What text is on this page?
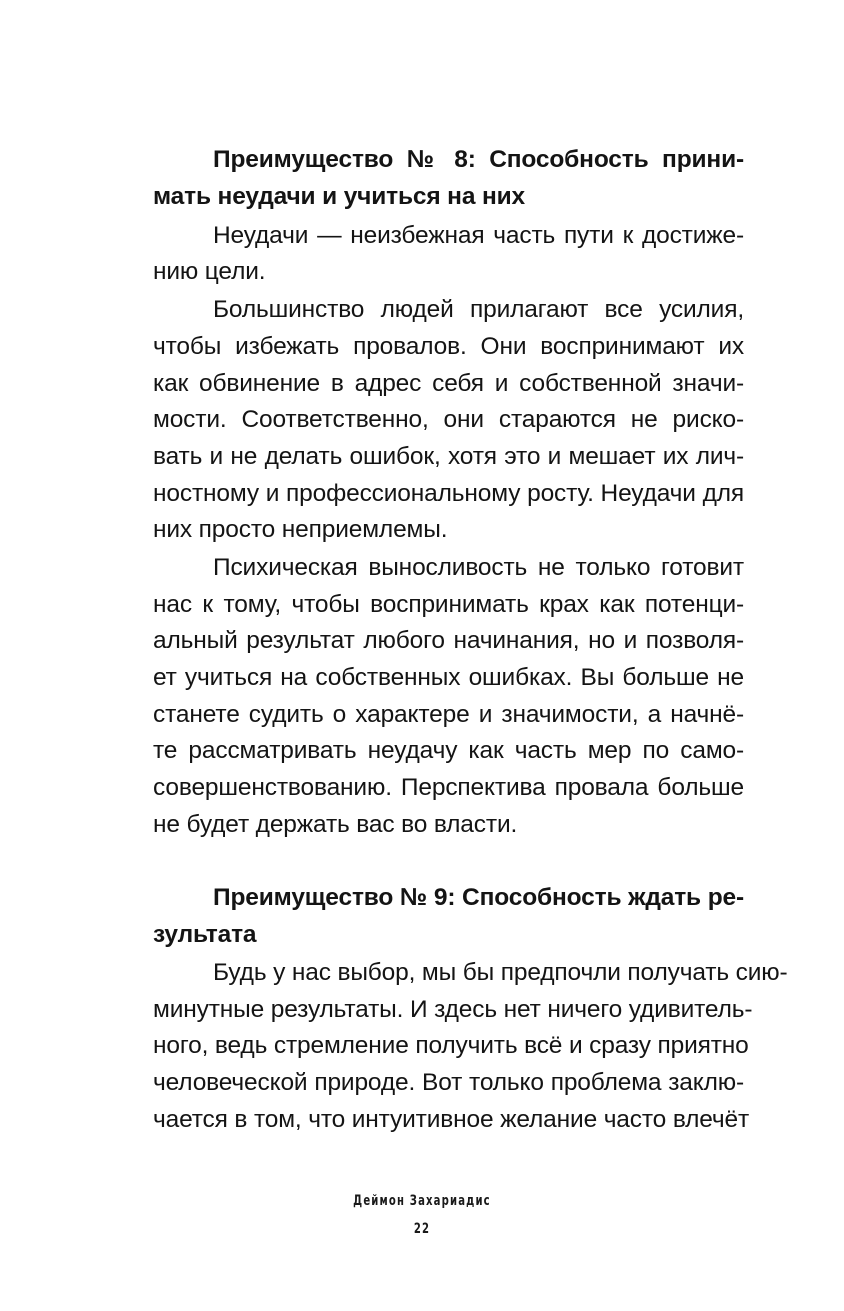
Преимущество № 8: Способность прини-
мать неудачи и учиться на них
Неудачи — неизбежная часть пути к достиже-
нию цели.
Большинство людей прилагают все усилия,
чтобы избежать провалов. Они воспринимают их
как обвинение в адрес себя и собственной значи-
мости. Соответственно, они стараются не риско-
вать и не делать ошибок, хотя это и мешает их лич-
ностному и профессиональному росту. Неудачи для
них просто неприемлемы.
Психическая выносливость не только готовит
нас к тому, чтобы воспринимать крах как потенци-
альный результат любого начинания, но и позволя-
ет учиться на собственных ошибках. Вы больше не
станете судить о характере и значимости, а начнё-
те рассматривать неудачу как часть мер по само-
совершенствованию. Перспектива провала больше
не будет держать вас во власти.
Преимущество № 9: Способность ждать ре-
зультата
Будь у нас выбор, мы бы предпочли получать сию-
минутные результаты. И здесь нет ничего удивитель-
ного, ведь стремление получить всё и сразу приятно
человеческой природе. Вот только проблема заклю-
чается в том, что интуитивное желание часто влечёт
Деймон Захариадис
22
